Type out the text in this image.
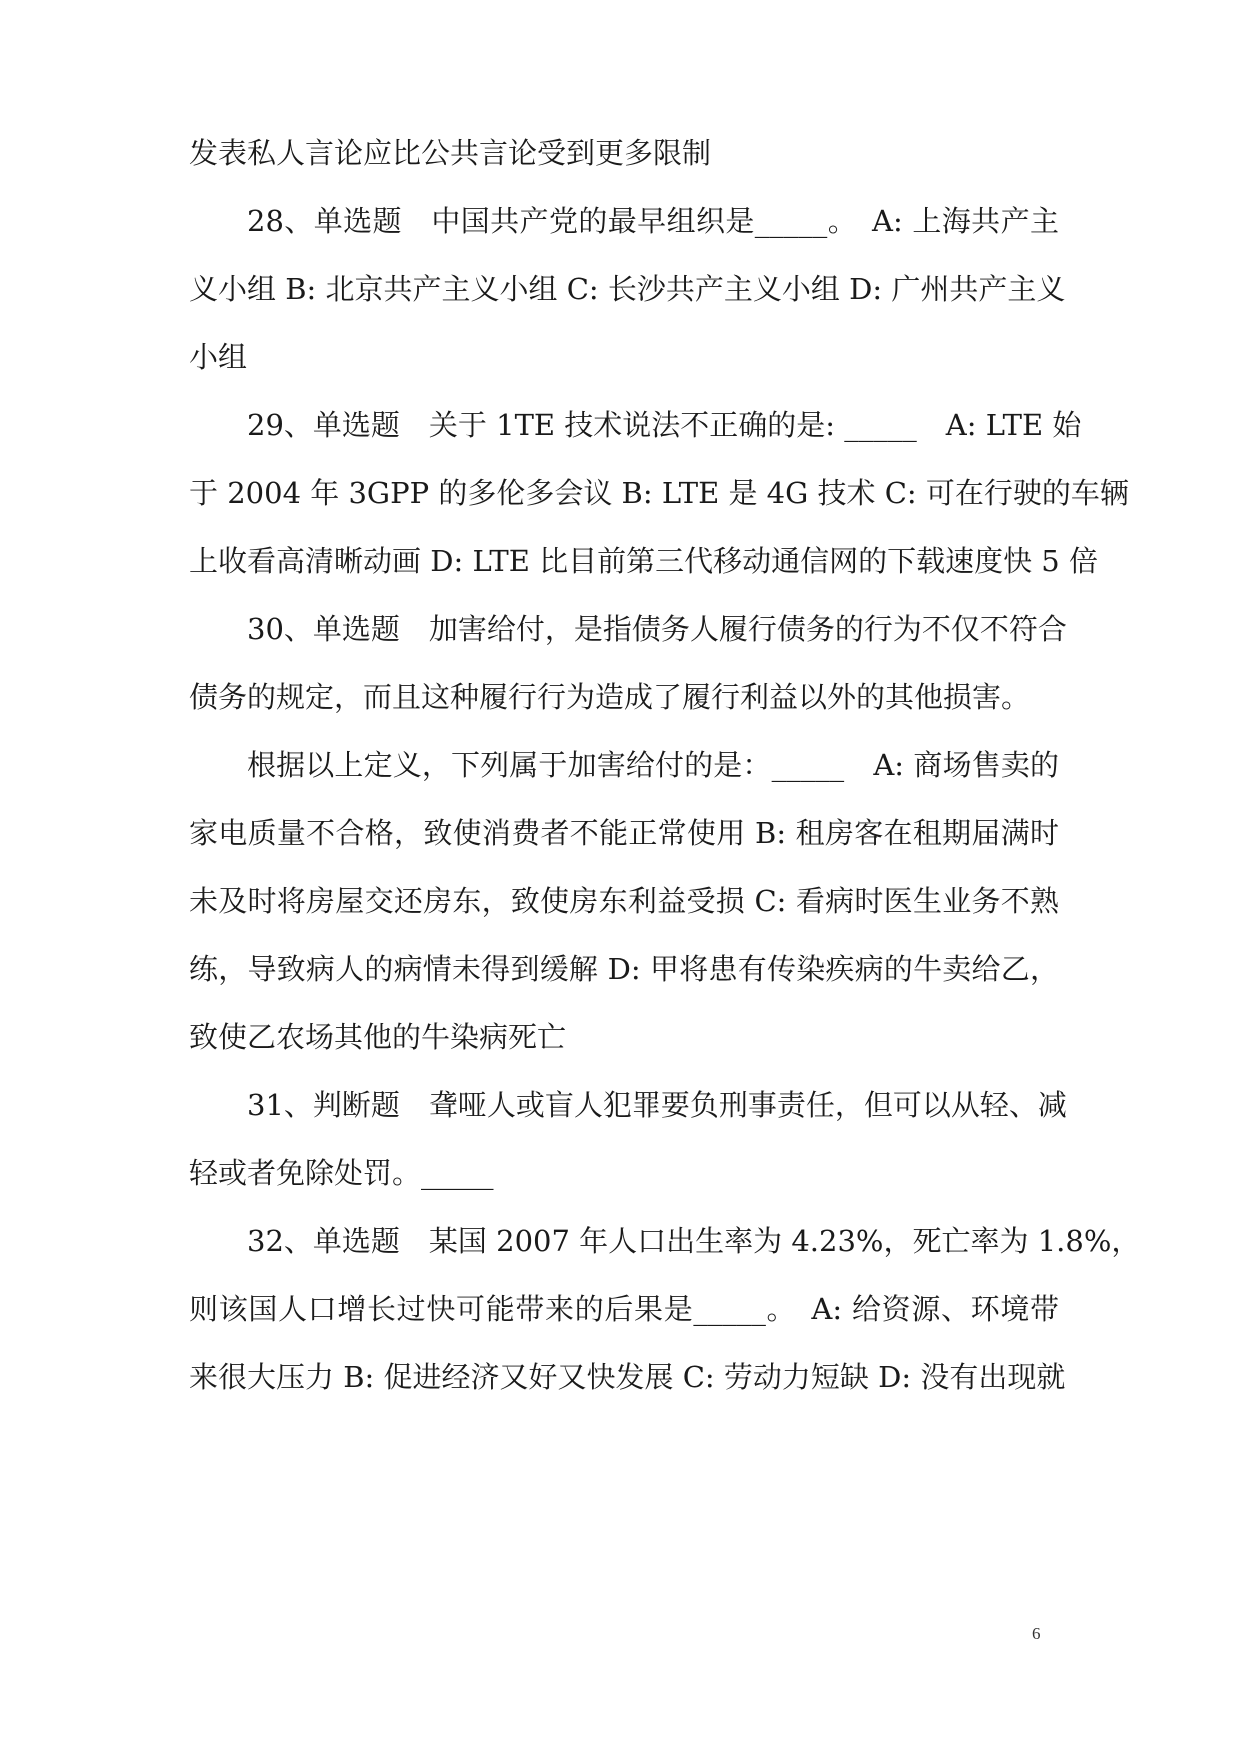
发表私人言论应比公共言论受到更多限制
28、单选题　中国共产党的最早组织是_____。　A: 上海共产主
义小组 B: 北京共产主义小组 C: 长沙共产主义小组 D: 广州共产主义
小组
29、单选题　关于 1TE 技术说法不正确的是: _____　A: LTE 始
于 2004 年 3GPP 的多伦多会议 B: LTE 是 4G 技术 C: 可在行驶的车辆
上收看高清晰动画 D: LTE 比目前第三代移动通信网的下载速度快 5 倍
30、单选题　加害给付，是指债务人履行债务的行为不仅不符合
债务的规定，而且这种履行行为造成了履行利益以外的其他损害。
根据以上定义，下列属于加害给付的是：_____　A: 商场售卖的
家电质量不合格，致使消费者不能正常使用 B: 租房客在租期届满时
未及时将房屋交还房东，致使房东利益受损 C: 看病时医生业务不熟
练，导致病人的病情未得到缓解 D: 甲将患有传染疾病的牛卖给乙，
致使乙农场其他的牛染病死亡
31、判断题　聋哑人或盲人犯罪要负刑事责任，但可以从轻、减
轻或者免除处罚。_____
32、单选题　某国 2007 年人口出生率为 4.23%，死亡率为 1.8%，
则该国人口增长过快可能带来的后果是_____。　A: 给资源、环境带
来很大压力 B: 促进经济又好又快发展 C: 劳动力短缺 D: 没有出现就
6
